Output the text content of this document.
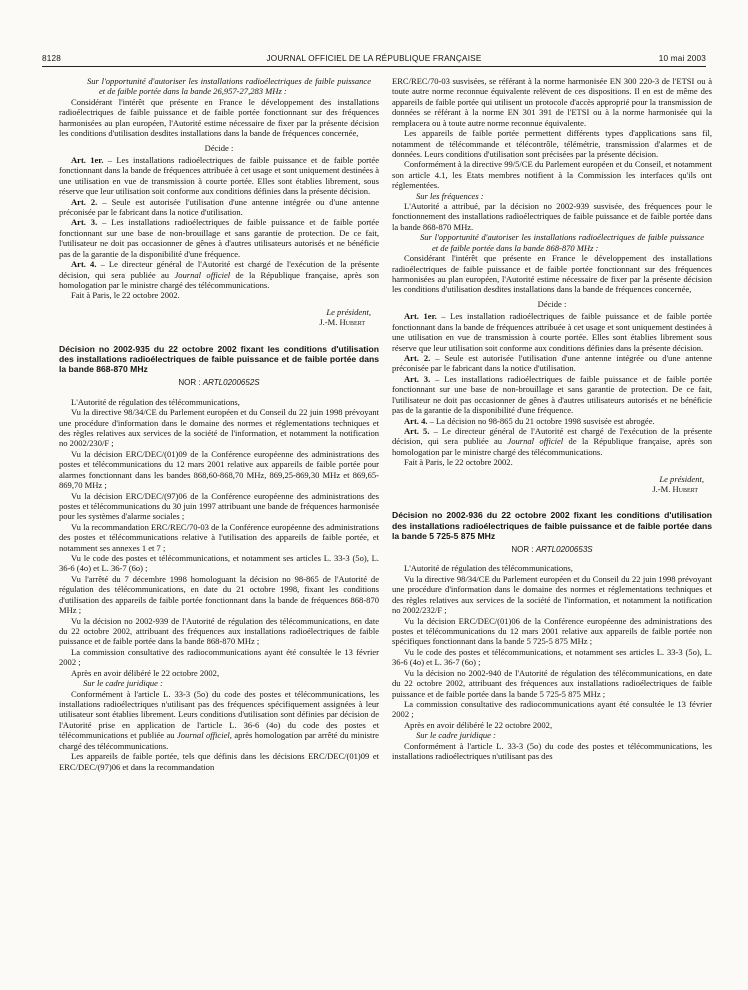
8128	JOURNAL OFFICIEL DE LA RÉPUBLIQUE FRANÇAISE	10 mai 2003

Sur l'opportunité d'autoriser les installations radioélectriques de faible puissance et de faible portée dans la bande 26,957-27,283 MHz :

Considérant l'intérêt que présente en France le développement des installations radioélectriques de faible puissance et de faible portée fonctionnant sur des fréquences harmonisées au plan européen, l'Autorité estime nécessaire de fixer par la présente décision les conditions d'utilisation desdites installations dans la bande de fréquences concernée,

Décide :

Art. 1er. – Les installations radioélectriques de faible puissance et de faible portée fonctionnant dans la bande de fréquences attribuée à cet usage et sont uniquement destinées à une utilisation en vue de transmission à courte portée. Elles sont établies librement, sous réserve que leur utilisation soit conforme aux conditions définies dans la présente décision.

Art. 2. – Seule est autorisée l'utilisation d'une antenne intégrée ou d'une antenne préconisée par le fabricant dans la notice d'utilisation.

Art. 3. – Les installations radioélectriques de faible puissance et de faible portée fonctionnant sur une base de non-brouillage et sans garantie de protection. De ce fait, l'utilisateur ne doit pas occasionner de gênes à d'autres utilisateurs autorisés et ne bénéficie pas de la garantie de la disponibilité d'une fréquence.

Art. 4. – Le directeur général de l'Autorité est chargé de l'exécution de la présente décision, qui sera publiée au Journal officiel de la République française, après son homologation par le ministre chargé des télécommunications.

Fait à Paris, le 22 octobre 2002.

Le président,

J.-M. Hubert

Décision no 2002-935 du 22 octobre 2002 fixant les conditions d'utilisation des installations radioélectriques de faible puissance et de faible portée dans la bande 868-870 MHz

NOR : ARTL0200652S

L'Autorité de régulation des télécommunications,

Vu la directive 98/34/CE du Parlement européen et du Conseil du 22 juin 1998 prévoyant une procédure d'information dans le domaine des normes et réglementations techniques et des règles relatives aux services de la société de l'information, et notamment la notification no 2002/230/F ;

Vu la décision ERC/DEC/(01)09 de la Conférence européenne des administrations des postes et télécommunications du 12 mars 2001 relative aux appareils de faible portée pour alarmes fonctionnant dans les bandes 868,60-868,70 MHz, 869,25-869,30 MHz et 869,65-869,70 MHz ;

Vu la décision ERC/DEC/(97)06 de la Conférence européenne des administrations des postes et télécommunications du 30 juin 1997 attribuant une bande de fréquences harmonisée pour les systèmes d'alarme sociales ;

Vu la recommandation ERC/REC/70-03 de la Conférence européenne des administrations des postes et télécommunications relative à l'utilisation des appareils de faible portée, et notamment ses annexes 1 et 7 ;

Vu le code des postes et télécommunications, et notamment ses articles L. 33-3 (5o), L. 36-6 (4o) et L. 36-7 (6o) ;

Vu l'arrêté du 7 décembre 1998 homologuant la décision no 98-865 de l'Autorité de régulation des télécommunications, en date du 21 octobre 1998, fixant les conditions d'utilisation des appareils de faible portée fonctionnant dans la bande de fréquences 868-870 MHz ;

Vu la décision no 2002-939 de l'Autorité de régulation des télécommunications, en date du 22 octobre 2002, attribuant des fréquences aux installations radioélectriques de faible puissance et de faible portée dans la bande 868-870 MHz ;

La commission consultative des radiocommunications ayant été consultée le 13 février 2002 ;

Après en avoir délibéré le 22 octobre 2002,

Sur le cadre juridique :

Conformément à l'article L. 33-3 (5o) du code des postes et télécommunications, les installations radioélectriques n'utilisant pas des fréquences spécifiquement assignées à leur utilisateur sont établies librement. Leurs conditions d'utilisation sont définies par décision de l'Autorité prise en application de l'article L. 36-6 (4o) du code des postes et télécommunications et publiée au Journal officiel, après homologation par arrêté du ministre chargé des télécommunications.

Les appareils de faible portée, tels que définis dans les décisions ERC/DEC/(01)09 et ERC/DEC/(97)06 et dans la recommandation

ERC/REC/70-03 susvisées, se référant à la norme harmonisée EN 300 220-3 de l'ETSI ou à toute autre norme reconnue équivalente relèvent de ces dispositions. Il en est de même des appareils de faible portée qui utilisent un protocole d'accès approprié pour la transmission de données se référant à la norme EN 301 391 de l'ETSI ou à la norme harmonisée qui la remplacera ou à toute autre norme reconnue équivalente.

Les appareils de faible portée permettent différents types d'applications sans fil, notamment de télécommande et télécontrôle, télémétrie, transmission d'alarmes et de données. Leurs conditions d'utilisation sont précisées par la présente décision.

Conformément à la directive 99/5/CE du Parlement européen et du Conseil, et notamment son article 4.1, les Etats membres notifient à la Commission les interfaces qu'ils ont réglementées.

Sur les fréquences :

L'Autorité a attribué, par la décision no 2002-939 susvisée, des fréquences pour le fonctionnement des installations radioélectriques de faible puissance et de faible portée dans la bande 868-870 MHz.

Sur l'opportunité d'autoriser les installations radioélectriques de faible puissance et de faible portée dans la bande 868-870 MHz :

Considérant l'intérêt que présente en France le développement des installations radioélectriques de faible puissance et de faible portée fonctionnant sur des fréquences harmonisées au plan européen, l'Autorité estime nécessaire de fixer par la présente décision les conditions d'utilisation desdites installations dans la bande de fréquences concernée,

Décide :

Art. 1er. – Les installation radioélectriques de faible puissance et de faible portée fonctionnant dans la bande de fréquences attribuée à cet usage et sont uniquement destinées à une utilisation en vue de transmission à courte portée. Elles sont établies librement sous réserve que leur utilisation soit conforme aux conditions définies dans la présente décision.

Art. 2. – Seule est autorisée l'utilisation d'une antenne intégrée ou d'une antenne préconisée par le fabricant dans la notice d'utilisation.

Art. 3. – Les installations radioélectriques de faible puissance et de faible portée fonctionnant sur une base de non-brouillage et sans garantie de protection. De ce fait, l'utilisateur ne doit pas occasionner de gênes à d'autres utilisateurs autorisés et ne bénéficie pas de la garantie de la disponibilité d'une fréquence.

Art. 4. – La décision no 98-865 du 21 octobre 1998 susvisée est abrogée.

Art. 5. – Le directeur général de l'Autorité est chargé de l'exécution de la présente décision, qui sera publiée au Journal officiel de la République française, après son homologation par le ministre chargé des télécommunications.

Fait à Paris, le 22 octobre 2002.

Le président,

J.-M. Hubert

Décision no 2002-936 du 22 octobre 2002 fixant les conditions d'utilisation des installations radioélectriques de faible puissance et de faible portée dans la bande 5 725-5 875 MHz

NOR : ARTL0200653S

L'Autorité de régulation des télécommunications,

Vu la directive 98/34/CE du Parlement européen et du Conseil du 22 juin 1998 prévoyant une procédure d'information dans le domaine des normes et réglementations techniques et des règles relatives aux services de la société de l'information, et notamment la notification no 2002/232/F ;

Vu la décision ERC/DEC/(01)06 de la Conférence européenne des administrations des postes et télécommunications du 12 mars 2001 relative aux appareils de faible portée non spécifiques fonctionnant dans la bande 5 725-5 875 MHz ;

Vu le code des postes et télécommunications, et notamment ses articles L. 33-3 (5o), L. 36-6 (4o) et L. 36-7 (6o) ;

Vu la décision no 2002-940 de l'Autorité de régulation des télécommunications, en date du 22 octobre 2002, attribuant des fréquences aux installations radioélectriques de faible puissance et de faible portée dans la bande 5 725-5 875 MHz ;

La commission consultative des radiocommunications ayant été consultée le 13 février 2002 ;

Après en avoir délibéré le 22 octobre 2002,

Sur le cadre juridique :

Conformément à l'article L. 33-3 (5o) du code des postes et télécommunications, les installations radioélectriques n'utilisant pas des
